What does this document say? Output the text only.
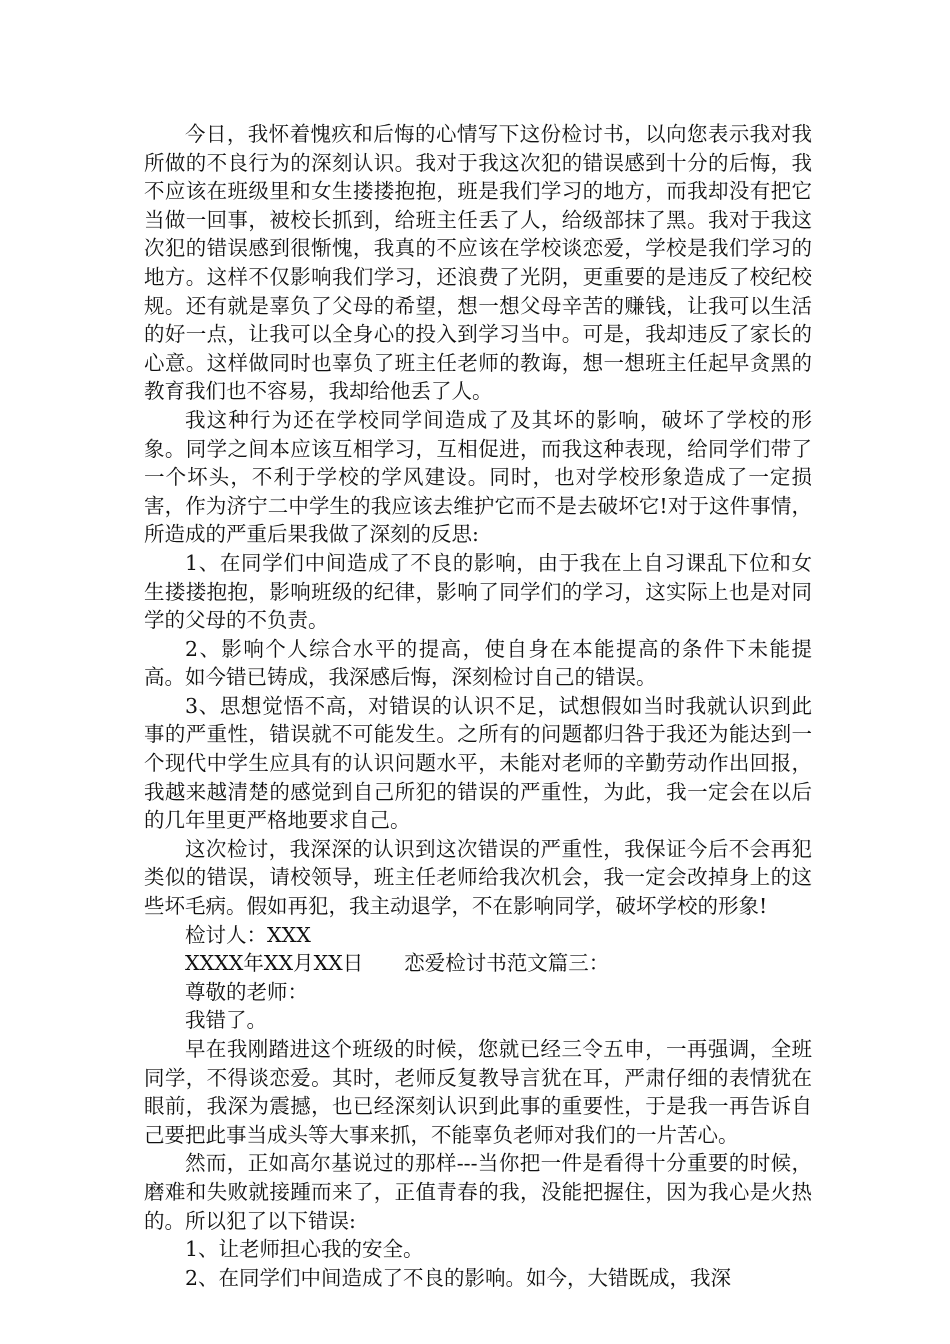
今日，我怀着愧疚和后悔的心情写下这份检讨书，以向您表示我对我所做的不良行为的深刻认识。我对于我这次犯的错误感到十分的后悔，我不应该在班级里和女生搂搂抱抱，班是我们学习的地方，而我却没有把它当做一回事，被校长抓到，给班主任丢了人，给级部抹了黑。我对于我这次犯的错误感到很惭愧，我真的不应该在学校谈恋爱，学校是我们学习的地方。这样不仅影响我们学习，还浪费了光阴，更重要的是违反了校纪校规。还有就是辜负了父母的希望，想一想父母辛苦的赚钱，让我可以生活的好一点，让我可以全身心的投入到学习当中。可是，我却违反了家长的心意。这样做同时也辜负了班主任老师的教诲，想一想班主任起早贪黑的教育我们也不容易，我却给他丢了人。

我这种行为还在学校同学间造成了及其坏的影响，破坏了学校的形象。同学之间本应该互相学习，互相促进，而我这种表现，给同学们带了一个坏头，不利于学校的学风建设。同时，也对学校形象造成了一定损害，作为济宁二中学生的我应该去维护它而不是去破坏它!对于这件事情，所造成的严重后果我做了深刻的反思:

1、在同学们中间造成了不良的影响，由于我在上自习课乱下位和女生搂搂抱抱，影响班级的纪律，影响了同学们的学习，这实际上也是对同学的父母的不负责。

2、影响个人综合水平的提高，使自身在本能提高的条件下未能提高。如今错已铸成，我深感后悔，深刻检讨自己的错误。

3、思想觉悟不高，对错误的认识不足，试想假如当时我就认识到此事的严重性，错误就不可能发生。之所有的问题都归咎于我还为能达到一个现代中学生应具有的认识问题水平，未能对老师的辛勤劳动作出回报，我越来越清楚的感觉到自己所犯的错误的严重性，为此，我一定会在以后的几年里更严格地要求自己。

这次检讨，我深深的认识到这次错误的严重性，我保证今后不会再犯类似的错误，请校领导，班主任老师给我次机会，我一定会改掉身上的这些坏毛病。假如再犯，我主动退学，不在影响同学，破坏学校的形象!

检讨人：XXX

XXXX年XX月XX日　　恋爱检讨书范文篇三：

尊敬的老师：

我错了。

早在我刚踏进这个班级的时候，您就已经三令五申，一再强调，全班同学，不得谈恋爱。其时，老师反复教导言犹在耳，严肃仔细的表情犹在眼前，我深为震撼，也已经深刻认识到此事的重要性，于是我一再告诉自己要把此事当成头等大事来抓，不能辜负老师对我们的一片苦心。

然而，正如高尔基说过的那样---当你把一件是看得十分重要的时候，磨难和失败就接踵而来了，正值青春的我，没能把握住，因为我心是火热的。所以犯了以下错误:

1、让老师担心我的安全。

2、在同学们中间造成了不良的影响。如今，大错既成，我深
